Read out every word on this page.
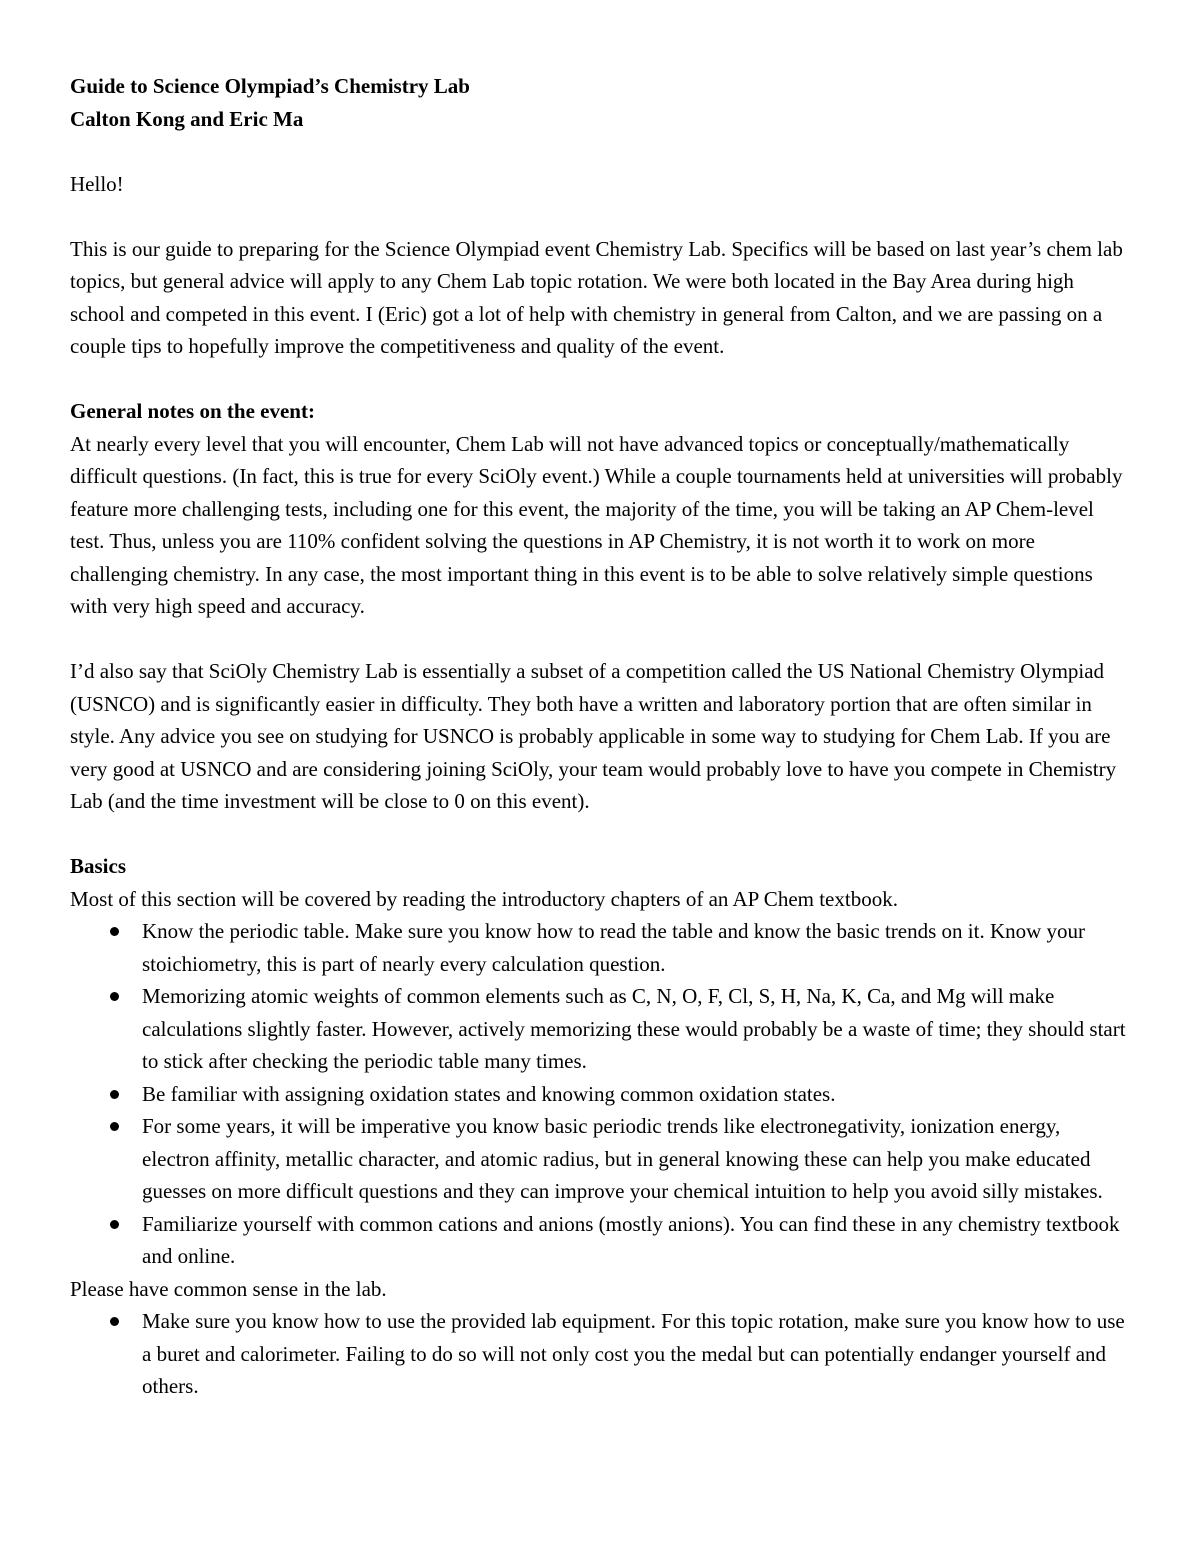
Guide to Science Olympiad’s Chemistry Lab

Calton Kong and Eric Ma

Hello!

This is our guide to preparing for the Science Olympiad event Chemistry Lab. Specifics will be based on last year’s chem lab topics, but general advice will apply to any Chem Lab topic rotation. We were both located in the Bay Area during high school and competed in this event. I (Eric) got a lot of help with chemistry in general from Calton, and we are passing on a couple tips to hopefully improve the competitiveness and quality of the event.

General notes on the event:

At nearly every level that you will encounter, Chem Lab will not have advanced topics or conceptually/mathematically difficult questions. (In fact, this is true for every SciOly event.) While a couple tournaments held at universities will probably feature more challenging tests, including one for this event, the majority of the time, you will be taking an AP Chem-level test. Thus, unless you are 110% confident solving the questions in AP Chemistry, it is not worth it to work on more challenging chemistry. In any case, the most important thing in this event is to be able to solve relatively simple questions with very high speed and accuracy.

I’d also say that SciOly Chemistry Lab is essentially a subset of a competition called the US National Chemistry Olympiad (USNCO) and is significantly easier in difficulty. They both have a written and laboratory portion that are often similar in style. Any advice you see on studying for USNCO is probably applicable in some way to studying for Chem Lab. If you are very good at USNCO and are considering joining SciOly, your team would probably love to have you compete in Chemistry Lab (and the time investment will be close to 0 on this event).

Basics

Most of this section will be covered by reading the introductory chapters of an AP Chem textbook.

Know the periodic table. Make sure you know how to read the table and know the basic trends on it. Know your stoichiometry, this is part of nearly every calculation question.
Memorizing atomic weights of common elements such as C, N, O, F, Cl, S, H, Na, K, Ca, and Mg will make calculations slightly faster. However, actively memorizing these would probably be a waste of time; they should start to stick after checking the periodic table many times.
Be familiar with assigning oxidation states and knowing common oxidation states.
For some years, it will be imperative you know basic periodic trends like electronegativity, ionization energy, electron affinity, metallic character, and atomic radius, but in general knowing these can help you make educated guesses on more difficult questions and they can improve your chemical intuition to help you avoid silly mistakes.
Familiarize yourself with common cations and anions (mostly anions). You can find these in any chemistry textbook and online.

Please have common sense in the lab.

Make sure you know how to use the provided lab equipment. For this topic rotation, make sure you know how to use a buret and calorimeter. Failing to do so will not only cost you the medal but can potentially endanger yourself and others.
